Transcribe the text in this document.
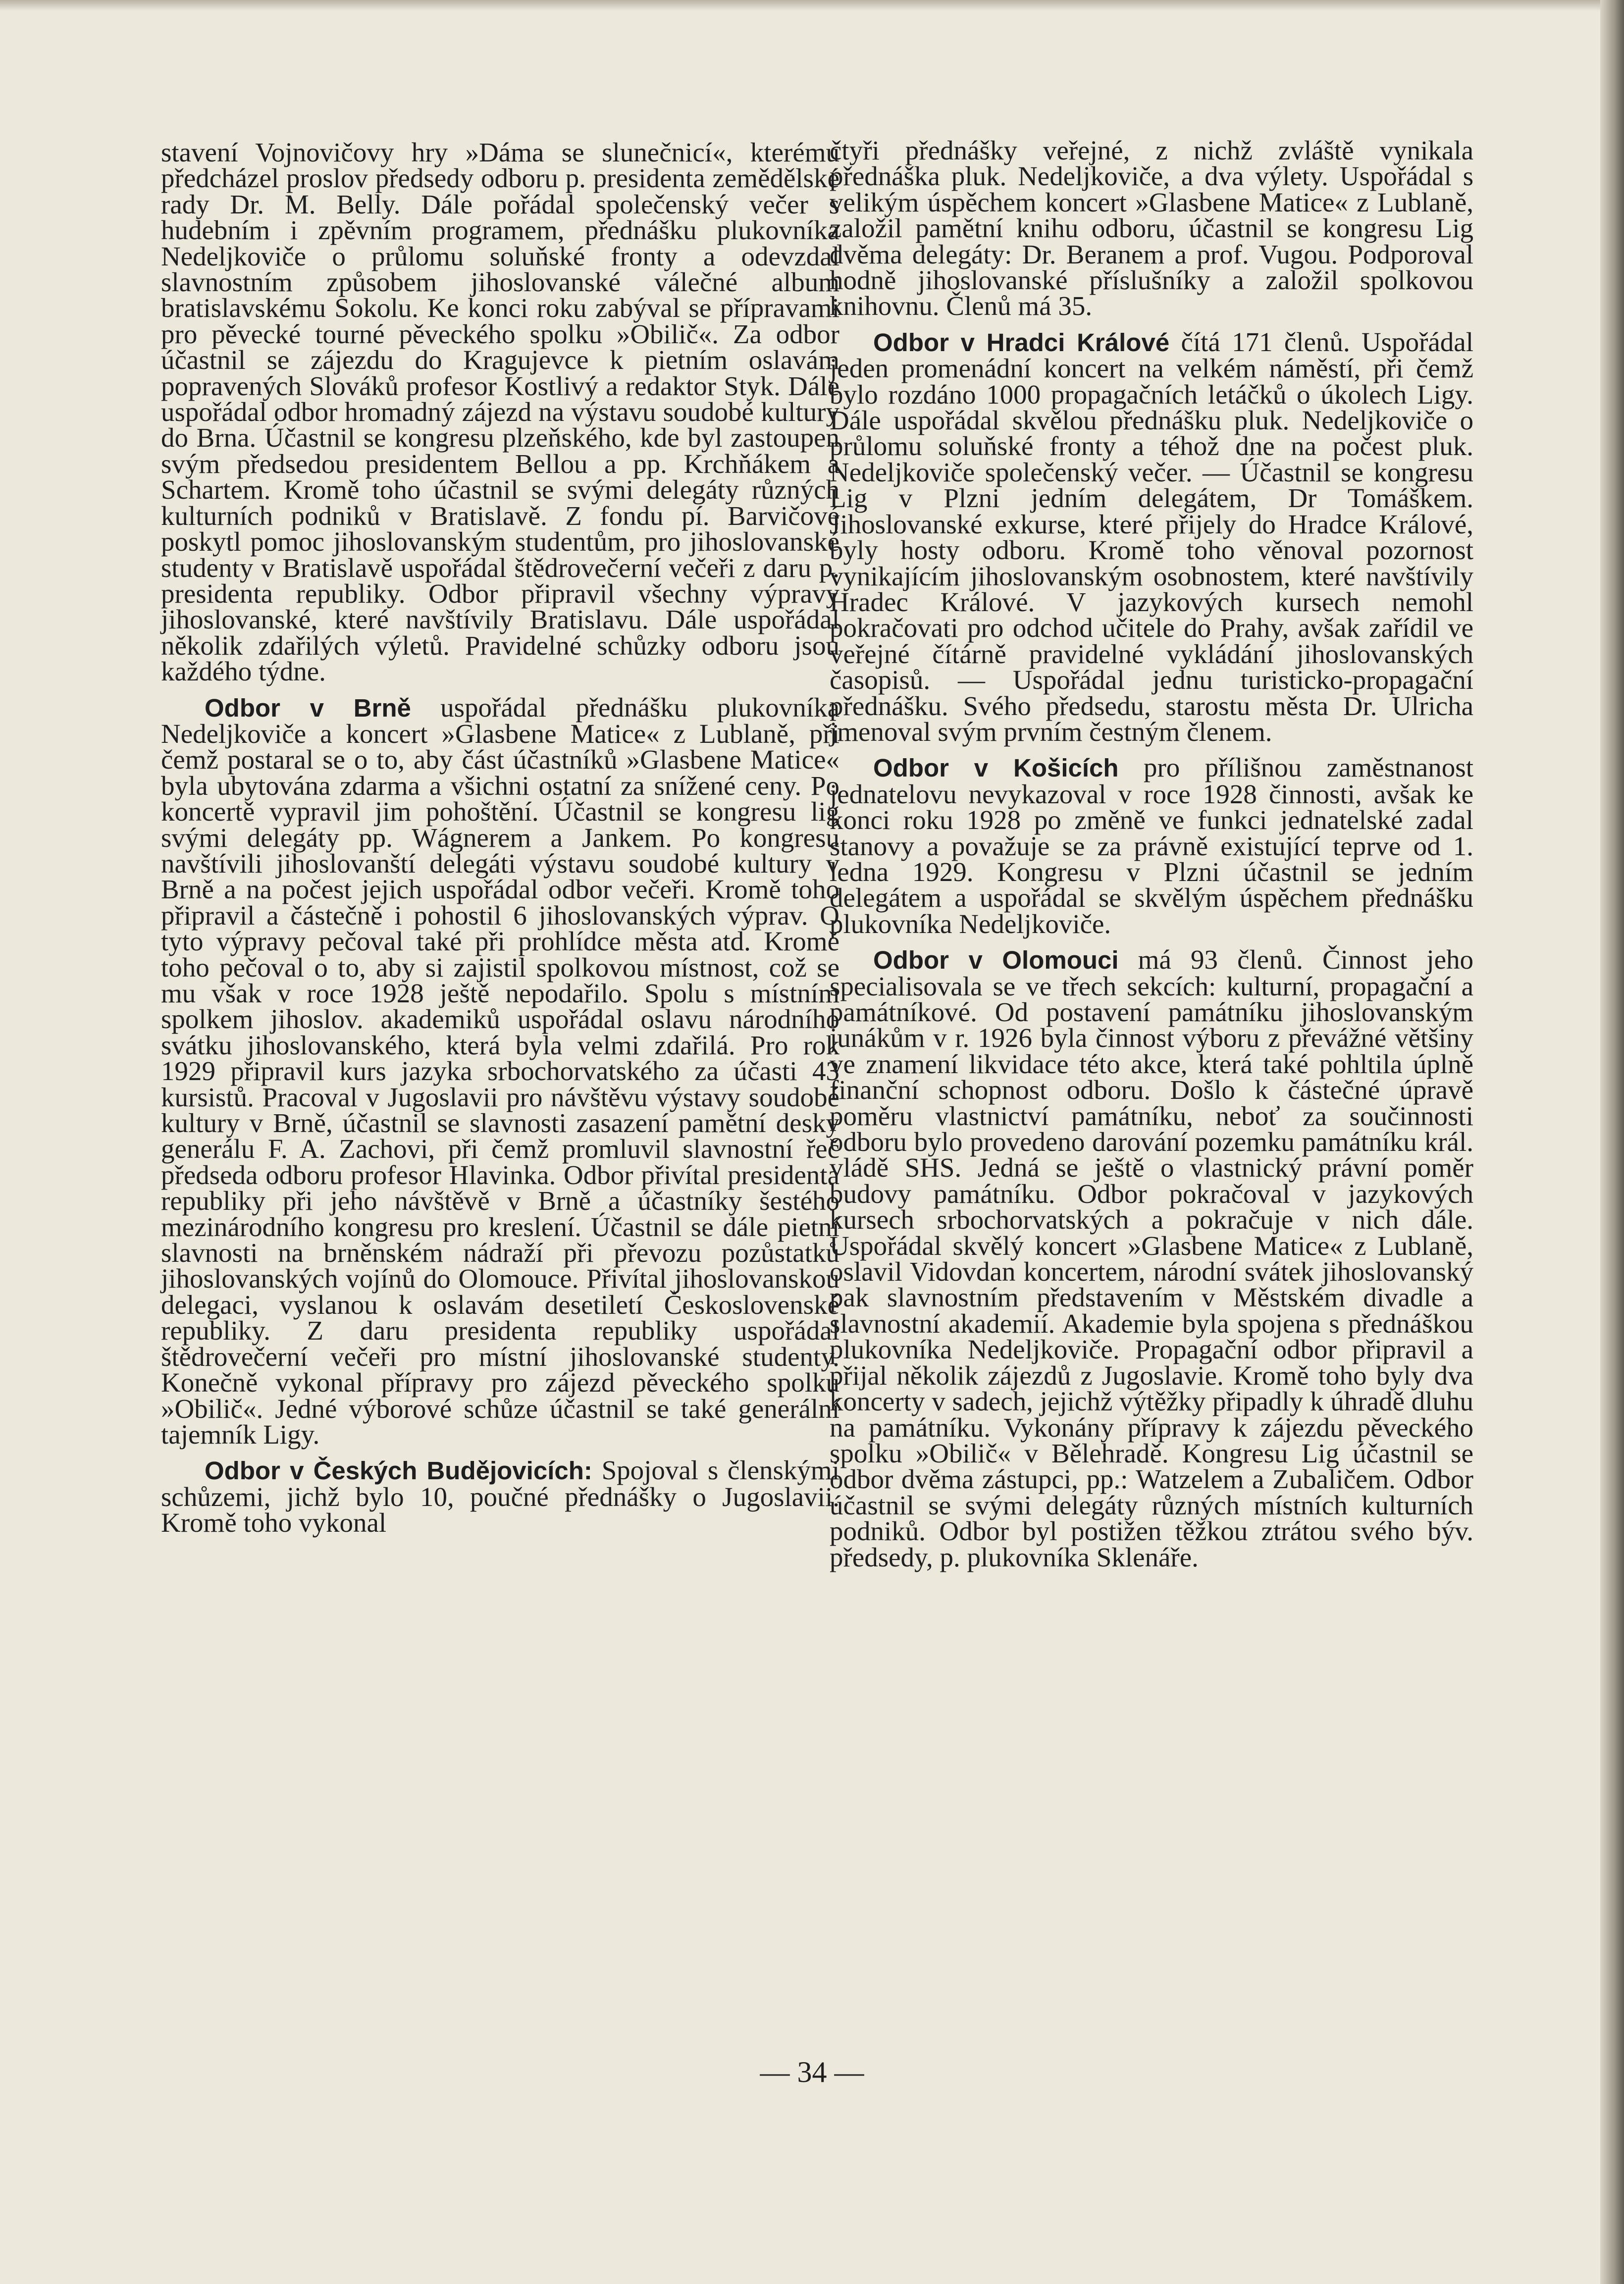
stavení Vojnovičovy hry »Dáma se slunečnicí«, kterému předcházel proslov předsedy odboru p. presidenta zemědělské rady Dr. M. Belly. Dále pořádal společenský večer s hudebním i zpěvním programem, přednášku plukovníka Nedeljkoviče o průlomu soluňské fronty a odevzdal slavnostním způsobem jihoslovanské válečné album bratislavskému Sokolu. Ke konci roku zabýval se přípravami pro pěvecké tourné pěveckého spolku »Obilič«. Za odbor účastnil se zájezdu do Kragujevce k pietním oslavám popravených Slováků profesor Kostlivý a redaktor Styk. Dále uspořádal odbor hromadný zájezd na výstavu soudobé kultury do Brna. Účastnil se kongresu plzeňského, kde byl zastoupen svým předsedou presidentem Bellou a pp. Krchňákem a Schartem. Kromě toho účastnil se svými delegáty různých kulturních podniků v Bratislavě. Z fondu pí. Barvičové poskytl pomoc jihoslovanským studentům, pro jihoslovanské studenty v Bratislavě uspořádal štědrovečerní večeři z daru p. presidenta republiky. Odbor připravil všechny výpravy jihoslovanské, které navštívily Bratislavu. Dále uspořádal několik zdařilých výletů. Pravidelné schůzky odboru jsou každého týdne.

Odbor v Brně uspořádal přednášku plukovníka Nedeljkoviče a koncert »Glasbene Matice« z Lublaně, při čemž postaral se o to, aby část účastníků »Glasbene Matice« byla ubytována zdarma a všichni ostatní za snížené ceny. Po koncertě vypravil jim pohoštění. Účastnil se kongresu lig svými delegáty pp. Wágnerem a Jankem. Po kongresu navštívili jihoslovanští delegáti výstavu soudobé kultury v Brně a na počest jejich uspořádal odbor večeři. Kromě toho připravil a částečně i pohostil 6 jihoslovanských výprav. O tyto výpravy pečoval také při prohlídce města atd. Kromě toho pečoval o to, aby si zajistil spolkovou místnost, což se mu však v roce 1928 ještě nepodařilo. Spolu s místním spolkem jihoslov. akademiků uspořádal oslavu národního svátku jihoslovanského, která byla velmi zdařilá. Pro rok 1929 připravil kurs jazyka srbochorvatského za účasti 43 kursistů. Pracoval v Jugoslavii pro návštěvu výstavy soudobé kultury v Brně, účastnil se slavnosti zasazení pamětní desky generálu F. A. Zachovi, při čemž promluvil slavnostní řeč předseda odboru profesor Hlavinka. Odbor přivítal presidenta republiky při jeho návštěvě v Brně a účastníky šestého mezinárodního kongresu pro kreslení. Účastnil se dále pietní slavnosti na brněnském nádraží při převozu pozůstatků jihoslovanských vojínů do Olomouce. Přivítal jihoslovanskou delegaci, vyslanou k oslavám desetiletí Československé republiky. Z daru presidenta republiky uspořádal štědrovečerní večeři pro místní jihoslovanské studenty. Konečně vykonal přípravy pro zájezd pěveckého spolku »Obilič«. Jedné výborové schůze účastnil se také generální tajemník Ligy.

Odbor v Českých Budějovicích: Spojoval s členskými schůzemi, jichž bylo 10, poučné přednášky o Jugoslavii. Kromě toho vykonal

čtyři přednášky veřejné, z nichž zvláště vynikala přednáška pluk. Nedeljkoviče, a dva výlety. Uspořádal s velikým úspěchem koncert »Glasbene Matice« z Lublaně, založil pamětní knihu odboru, účastnil se kongresu Lig dvěma delegáty: Dr. Beranem a prof. Vugou. Podporoval hodně jihoslovanské příslušníky a založil spolkovou knihovnu. Členů má 35.

Odbor v Hradci Králové čítá 171 členů. Uspořádal jeden promenádní koncert na velkém náměstí, při čemž bylo rozdáno 1000 propagačních letáčků o úkolech Ligy. Dále uspořádal skvělou přednášku pluk. Nedeljkoviče o průlomu soluňské fronty a téhož dne na počest pluk. Nedeljkoviče společenský večer. — Účastnil se kongresu Lig v Plzni jedním delegátem, Dr Tomáškem. Jihoslovanské exkurse, které přijely do Hradce Králové, byly hosty odboru. Kromě toho věnoval pozornost vynikajícím jihoslovanským osobnostem, které navštívily Hradec Králové. V jazykových kursech nemohl pokračovati pro odchod učitele do Prahy, avšak zařídil ve veřejné čítárně pravidelné vykládání jihoslovanských časopisů. — Uspořádal jednu turisticko-propagační přednášku. Svého předsedu, starostu města Dr. Ulricha jmenoval svým prvním čestným členem.

Odbor v Košicích pro přílišnou zaměstnanost jednatelovu nevykazoval v roce 1928 činnosti, avšak ke konci roku 1928 po změně ve funkci jednatelské zadal stanovy a považuje se za právně existující teprve od 1. ledna 1929. Kongresu v Plzni účastnil se jedním delegátem a uspořádal se skvělým úspěchem přednášku plukovníka Nedeljkoviče.

Odbor v Olomouci má 93 členů. Činnost jeho specialisovala se ve třech sekcích: kulturní, propagační a památníkové. Od postavení památníku jihoslovanským junákům v r. 1926 byla činnost výboru z převážné většiny ve znamení likvidace této akce, která také pohltila úplně finanční schopnost odboru. Došlo k částečné úpravě poměru vlastnictví památníku, neboť za součinnosti odboru bylo provedeno darování pozemku památníku král. vládě SHS. Jedná se ještě o vlastnický právní poměr budovy památníku. Odbor pokračoval v jazykových kursech srbochorvatských a pokračuje v nich dále. Uspořádal skvělý koncert »Glasbene Matice« z Lublaně, oslavil Vidovdan koncertem, národní svátek jihoslovanský pak slavnostním představením v Městském divadle a slavnostní akademií. Akademie byla spojena s přednáškou plukovníka Nedeljkoviče. Propagační odbor připravil a přijal několik zájezdů z Jugoslavie. Kromě toho byly dva koncerty v sadech, jejichž výtěžky připadly k úhradě dluhu na památníku. Vykonány přípravy k zájezdu pěveckého spolku »Obilič« v Bělehradě. Kongresu Lig účastnil se odbor dvěma zástupci, pp.: Watzelem a Zubaličem. Odbor účastnil se svými delegáty různých místních kulturních podniků. Odbor byl postižen těžkou ztrátou svého býv. předsedy, p. plukovníka Sklenáře.

— 34 —
